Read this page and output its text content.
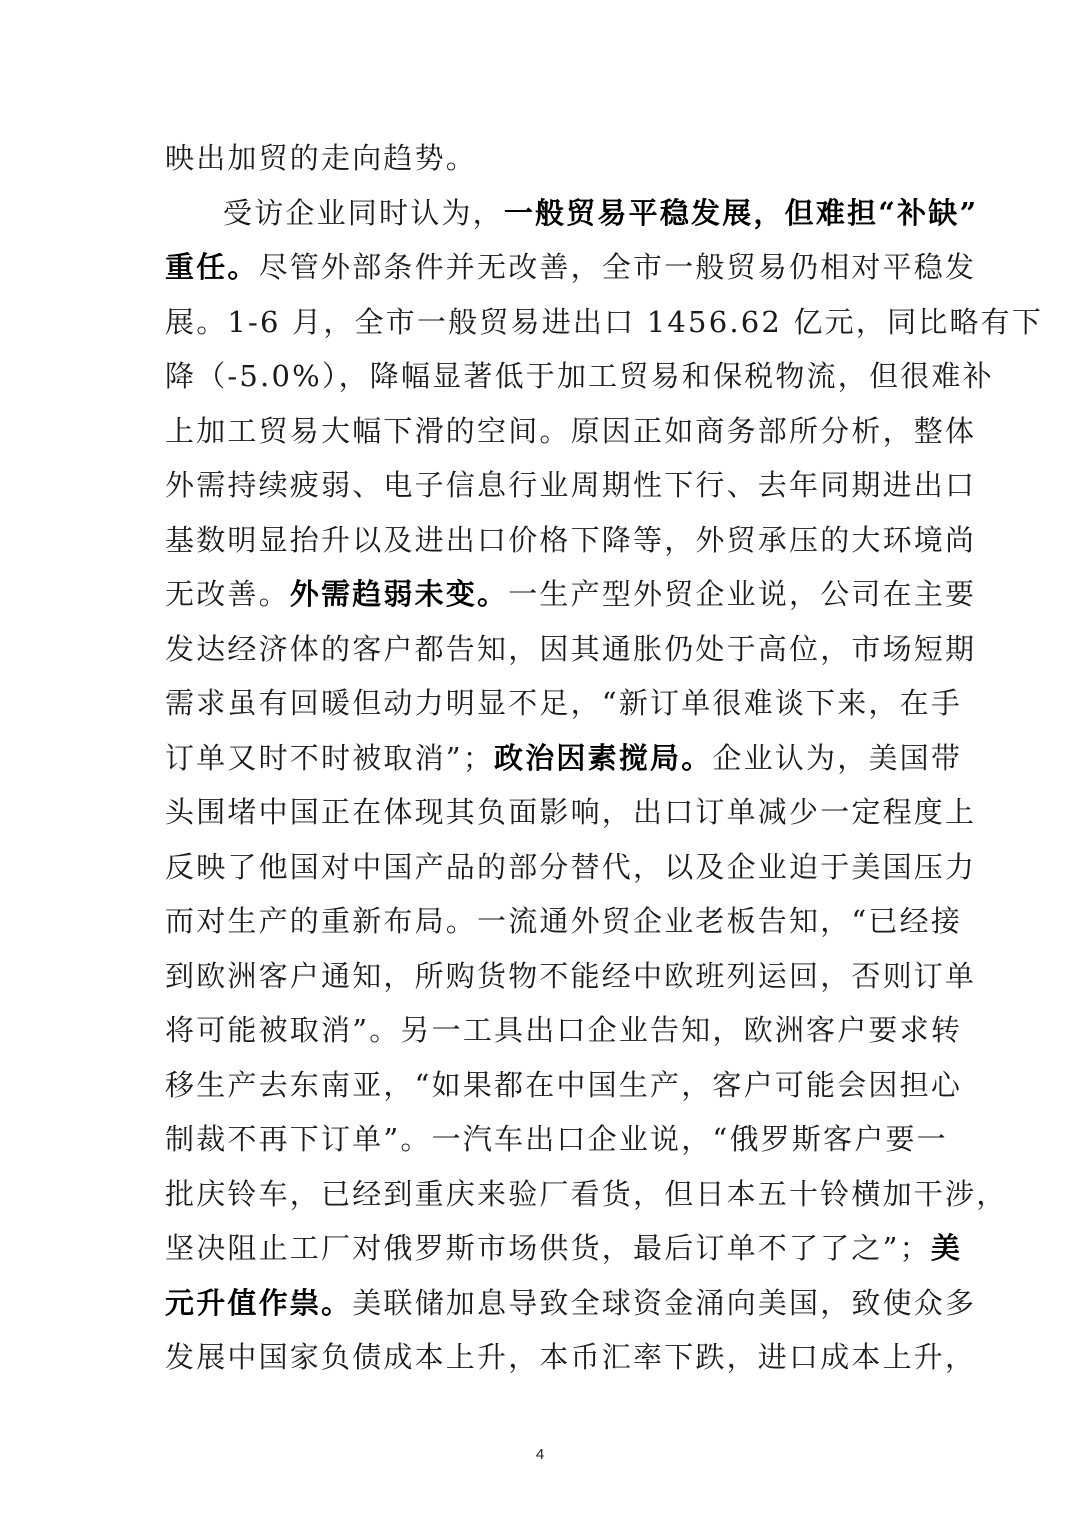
映出加贸的走向趋势。
受访企业同时认为，一般贸易平稳发展，但难担“补缺”
重任。尽管外部条件并无改善，全市一般贸易仍相对平稳发
展。1-6 月，全市一般贸易进出口 1456.62 亿元，同比略有下
降（-5.0%），降幅显著低于加工贸易和保税物流，但很难补
上加工贸易大幅下滑的空间。原因正如商务部所分析，整体
外需持续疲弱、电子信息行业周期性下行、去年同期进出口
基数明显抬升以及进出口价格下降等，外贸承压的大环境尚
无改善。外需趋弱未变。一生产型外贸企业说，公司在主要
发达经济体的客户都告知，因其通胀仍处于高位，市场短期
需求虽有回暖但动力明显不足，“新订单很难谈下来，在手
订单又时不时被取消”；政治因素搅局。企业认为，美国带
头围堵中国正在体现其负面影响，出口订单减少一定程度上
反映了他国对中国产品的部分替代，以及企业迫于美国压力
而对生产的重新布局。一流通外贸企业老板告知，“已经接
到欧洲客户通知，所购货物不能经中欧班列运回，否则订单
将可能被取消”。另一工具出口企业告知，欧洲客户要求转
移生产去东南亚，“如果都在中国生产，客户可能会因担心
制裁不再下订单”。一汽车出口企业说，“俄罗斯客户要一
批庆铃车，已经到重庆来验厂看货，但日本五十铃横加干涉，
坚决阻止工厂对俄罗斯市场供货，最后订单不了了之”；美
元升值作祟。美联储加息导致全球资金涌向美国，致使众多
发展中国家负债成本上升，本币汇率下跌，进口成本上升，
4
